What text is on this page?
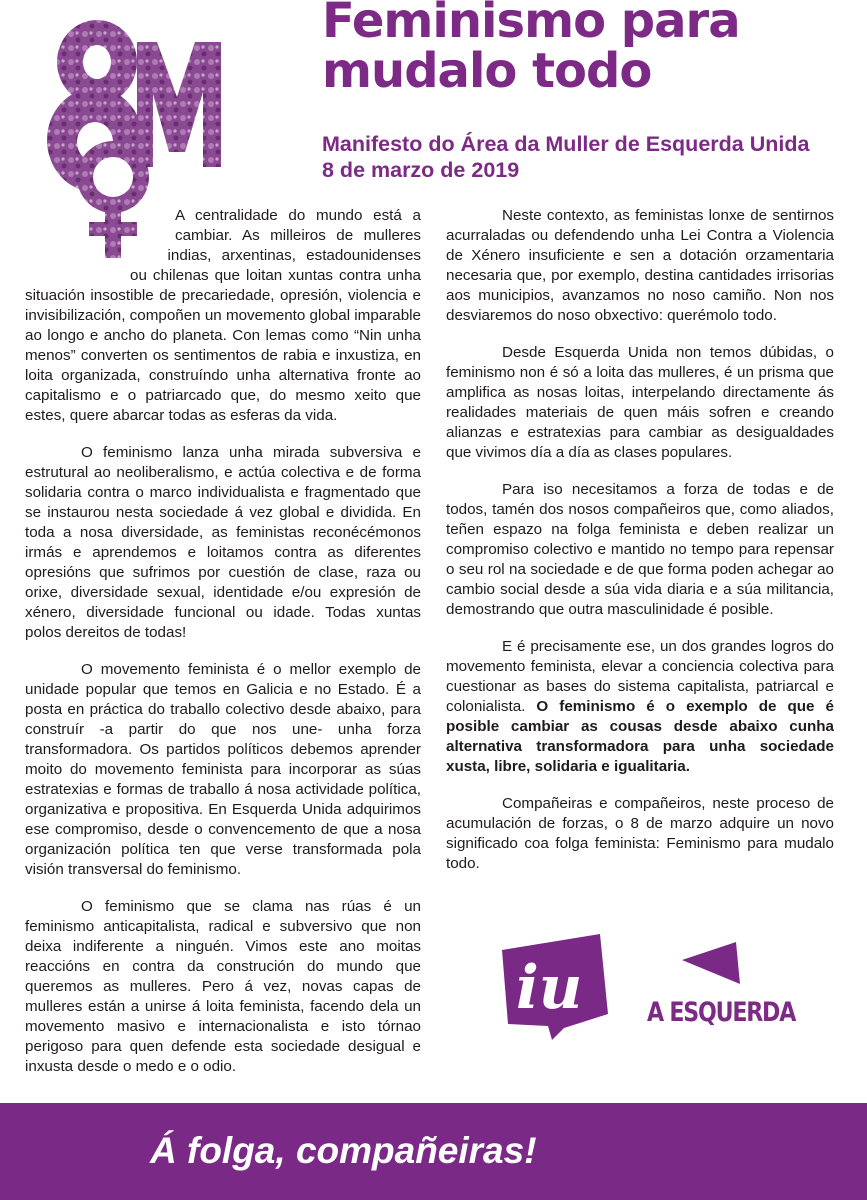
Feminismo para
mudalo todo
Manifesto do Área da Muller de Esquerda Unida
8 de marzo de 2019

A centralidade do mundo está a cambiar. As milleiros de mulleres indias, arxentinas, estadounidenses ou chilenas que loitan xuntas contra unha situación insostible de precariedade, opresión, violencia e invisibilización, compoñen un movemento global imparable ao longo e ancho do planeta. Con lemas como “Nin unha menos” converten os sentimentos de rabia e inxustiza, en loita organizada, construíndo unha alternativa fronte ao capitalismo e o patriarcado que, do mesmo xeito que estes, quere abarcar todas as esferas da vida.

O feminismo lanza unha mirada subversiva e estrutural ao neoliberalismo, e actúa colectiva e de forma solidaria contra o marco individualista e fragmentado que se instaurou nesta sociedade á vez global e dividida. En toda a nosa diversidade, as feministas reconécémonos irmás e aprendemos e loitamos contra as diferentes opresións que sufrimos por cuestión de clase, raza ou orixe, diversidade sexual, identidade e/ou expresión de xénero, diversidade funcional ou idade. Todas xuntas polos dereitos de todas!

O movemento feminista é o mellor exemplo de unidade popular que temos en Galicia e no Estado. É a posta en práctica do traballo colectivo desde abaixo, para construír -a partir do que nos une- unha forza transformadora. Os partidos políticos debemos aprender moito do movemento feminista para incorporar as súas estratexias e formas de traballo á nosa actividade política, organizativa e propositiva. En Esquerda Unida adquirimos ese compromiso, desde o convencemento de que a nosa organización política ten que verse transformada pola visión transversal do feminismo.

O feminismo que se clama nas rúas é un feminismo anticapitalista, radical e subversivo que non deixa indiferente a ninguén. Vimos este ano moitas reaccións en contra da construción do mundo que queremos as mulleres. Pero á vez, novas capas de mulleres están a unirse á loita feminista, facendo dela un movemento masivo e internacionalista e isto tórnao perigoso para quen defende esta sociedade desigual e inxusta desde o medo e o odio.

Neste contexto, as feministas lonxe de sentirnos acurraladas ou defendendo unha Lei Contra a Violencia de Xénero insuficiente e sen a dotación orzamentaria necesaria que, por exemplo, destina cantidades irrisorias aos municipios, avanzamos no noso camiño. Non nos desviaremos do noso obxectivo: querémolo todo.

Desde Esquerda Unida non temos dúbidas, o feminismo non é só a loita das mulleres, é un prisma que amplifica as nosas loitas, interpelando directamente ás realidades materiais de quen máis sofren e creando alianzas e estratexias para cambiar as desigualdades que vivimos día a día as clases populares.

Para iso necesitamos a forza de todas e de todos, tamén dos nosos compañeiros que, como aliados, teñen espazo na folga feminista e deben realizar un compromiso colectivo e mantido no tempo para repensar o seu rol na sociedade e de que forma poden achegar ao cambio social desde a súa vida diaria e a súa militancia, demostrando que outra masculinidade é posible.

E é precisamente ese, un dos grandes logros do movemento feminista, elevar a conciencia colectiva para cuestionar as bases do sistema capitalista, patriarcal e colonialista. O feminismo é o exemplo de que é posible cambiar as cousas desde abaixo cunha alternativa transformadora para unha sociedade xusta, libre, solidaria e igualitaria.

Compañeiras e compañeiros, neste proceso de acumulación de forzas, o 8 de marzo adquire un novo significado coa folga feminista: Feminismo para mudalo todo.

iu A ESQUERDA
Á folga, compañeiras!
